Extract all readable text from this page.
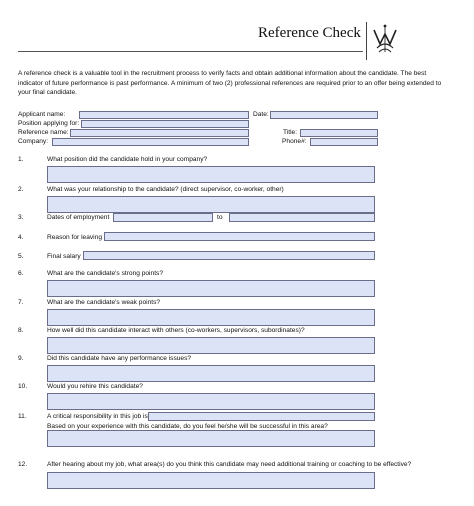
Reference Check

A reference check is a valuable tool in the recruitment process to verify facts and obtain additional information about the candidate. The best indicator of future performance is past performance. A minimum of two (2) professional references are required prior to an offer being extended to your final candidate.

Applicant name:	Date:
Position applying for:
Reference name:	Title:
Company:	Phone#:
1.	What position did the candidate hold in your company?
2.	What was your relationship to the candidate? (direct supervisor, co-worker, other)
3.	Dates of employment	to
4.	Reason for leaving
5.	Final salary
6.	What are the candidate's strong points?
7.	What are the candidate's weak points?
8.	How well did this candidate interact with others (co-workers, supervisors, subordinates)?
9.	Did this candidate have any performance issues?
10.	Would you rehire this candidate?
11.	A critical responsibility in this job is
Based on your experience with this candidate, do you feel he/she will be successful in this area?
12.	After hearing about my job, what area(s) do you think this candidate may need additional training or coaching to be effective?
